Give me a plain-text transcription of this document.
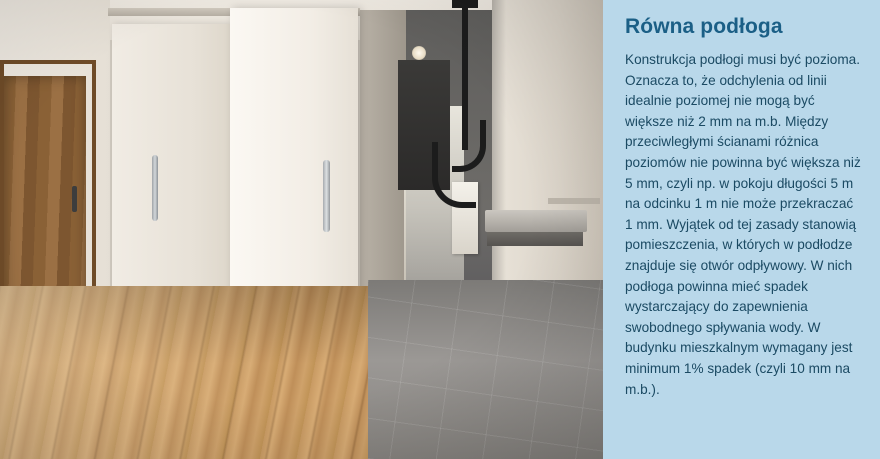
Równa podłoga

Konstrukcja podłogi musi być pozioma. Oznacza to, że odchylenia od linii idealnie poziomej nie mogą być większe niż 2 mm na m.b. Między przeciwległymi ścianami różnica poziomów nie powinna być większa niż 5 mm, czyli np. w pokoju długości 5 m na odcinku 1 m nie może przekraczać 1 mm. Wyjątek od tej zasady stanowią pomieszczenia, w których w podłodze znajduje się otwór odpływowy. W nich podłoga powinna mieć spadek wystarczający do zapewnienia swobodnego spływania wody. W budynku mieszkalnym wymagany jest minimum 1% spadek (czyli 10 mm na m.b.).
